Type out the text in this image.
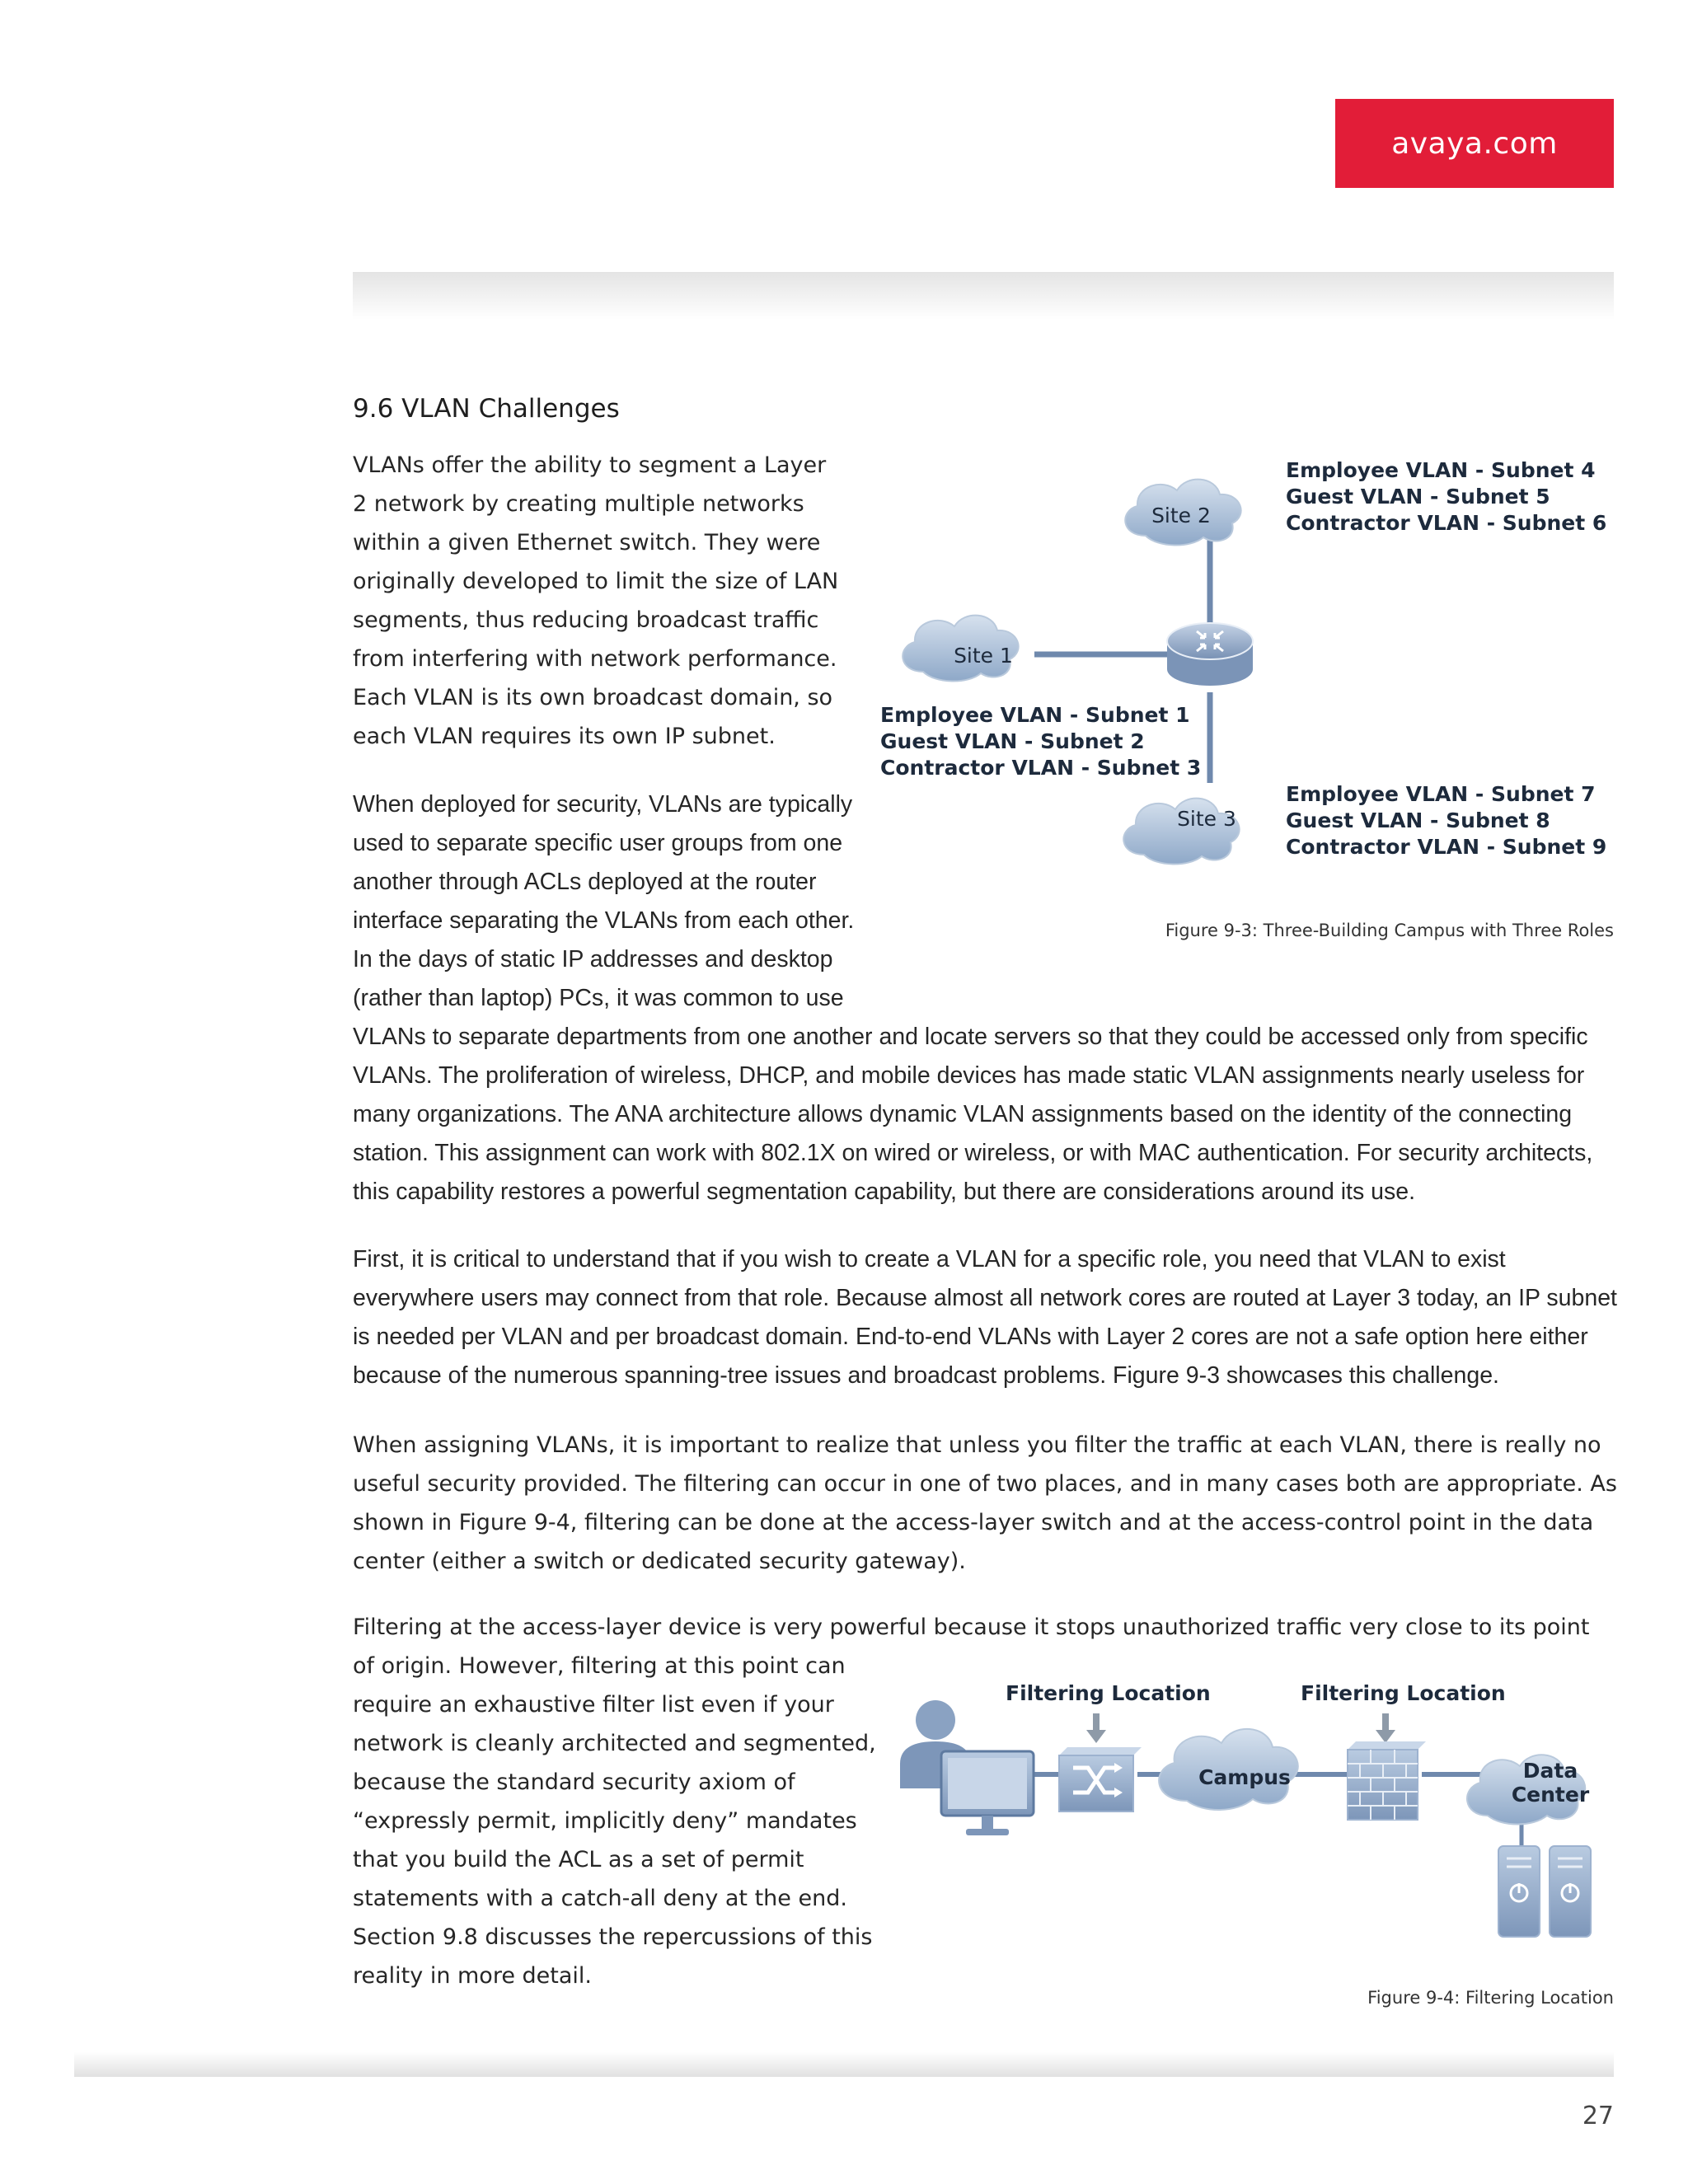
avaya.com
9.6 VLAN Challenges
VLANs offer the ability to segment a Layer
2 network by creating multiple networks
within a given Ethernet switch. They were
originally developed to limit the size of LAN
segments, thus reducing broadcast traffic
from interfering with network performance.
Each VLAN is its own broadcast domain, so
each VLAN requires its own IP subnet.
When deployed for security, VLANs are typically
used to separate specific user groups from one
another through ACLs deployed at the router
interface separating the VLANs from each other.
In the days of static IP addresses and desktop
(rather than laptop) PCs, it was common to use
VLANs to separate departments from one another and locate servers so that they could be accessed only from specific
VLANs. The proliferation of wireless, DHCP, and mobile devices has made static VLAN assignments nearly useless for
many organizations. The ANA architecture allows dynamic VLAN assignments based on the identity of the connecting
station. This assignment can work with 802.1X on wired or wireless, or with MAC authentication. For security architects,
this capability restores a powerful segmentation capability, but there are considerations around its use.
First, it is critical to understand that if you wish to create a VLAN for a specific role, you need that VLAN to exist
everywhere users may connect from that role. Because almost all network cores are routed at Layer 3 today, an IP subnet
is needed per VLAN and per broadcast domain. End-to-end VLANs with Layer 2 cores are not a safe option here either
because of the numerous spanning-tree issues and broadcast problems. Figure 9-3 showcases this challenge.
When assigning VLANs, it is important to realize that unless you filter the traffic at each VLAN, there is really no
useful security provided. The filtering can occur in one of two places, and in many cases both are appropriate. As
shown in Figure 9-4, filtering can be done at the access-layer switch and at the access-control point in the data
center (either a switch or dedicated security gateway).
Filtering at the access-layer device is very powerful because it stops unauthorized traffic very close to its point
of origin. However, filtering at this point can
require an exhaustive filter list even if your
network is cleanly architected and segmented,
because the standard security axiom of
“expressly permit, implicitly deny” mandates
that you build the ACL as a set of permit
statements with a catch-all deny at the end.
Section 9.8 discusses the repercussions of this
reality in more detail.
Site 2
Site 1
Site 3
Employee VLAN - Subnet 4
Guest VLAN - Subnet 5
Contractor VLAN - Subnet 6
Employee VLAN - Subnet 1
Guest VLAN - Subnet 2
Contractor VLAN - Subnet 3
Employee VLAN - Subnet 7
Guest VLAN - Subnet 8
Contractor VLAN - Subnet 9
Figure 9-3: Three-Building Campus with Three Roles
Filtering Location	Filtering Location
Campus	Data
Center
Figure 9-4: Filtering Location
27
